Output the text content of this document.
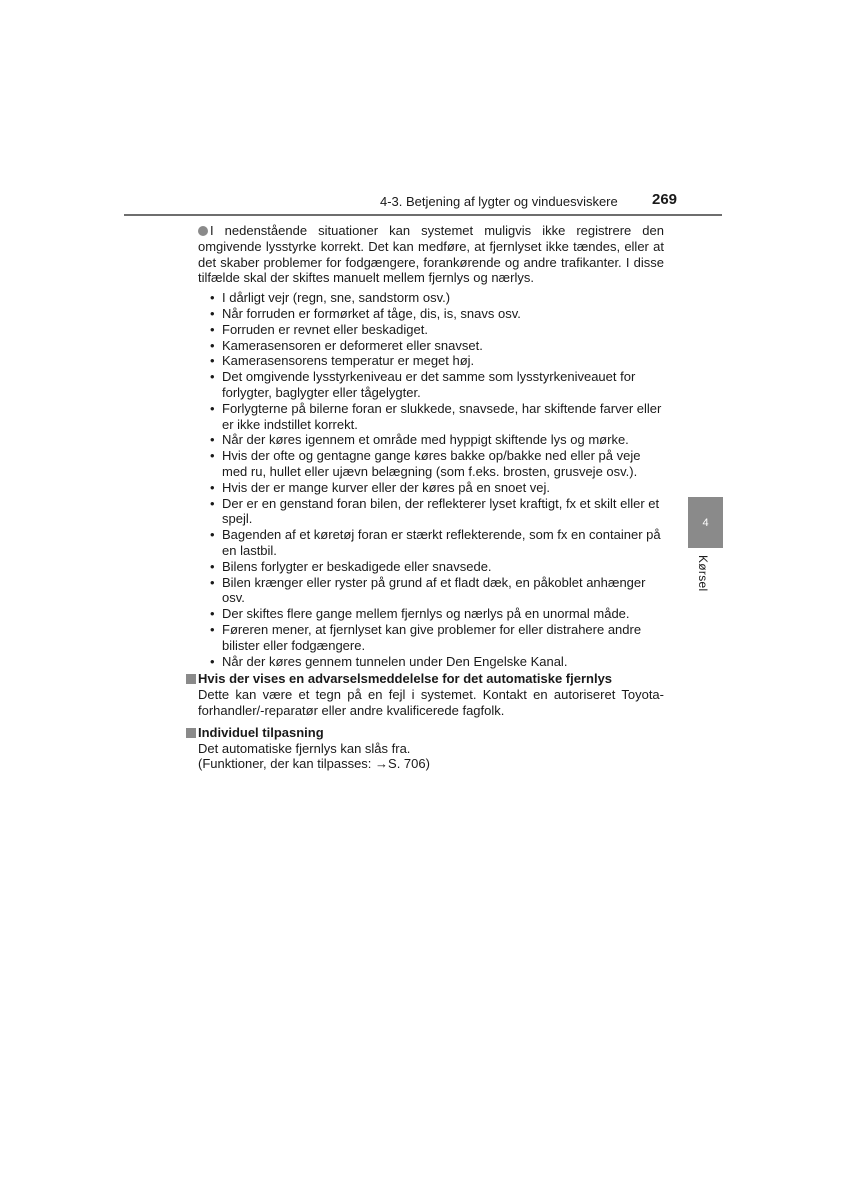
4-3. Betjening af lygter og vinduesviskere 269
4
Kørsel
I nedenstående situationer kan systemet muligvis ikke registrere den omgivende lysstyrke korrekt. Det kan medføre, at fjernlyset ikke tændes, eller at det skaber problemer for fodgængere, forankørende og andre trafikanter. I disse tilfælde skal der skiftes manuelt mellem fjernlys og nærlys.
• I dårligt vejr (regn, sne, sandstorm osv.)
• Når forruden er formørket af tåge, dis, is, snavs osv.
• Forruden er revnet eller beskadiget.
• Kamerasensoren er deformeret eller snavset.
• Kamerasensorens temperatur er meget høj.
• Det omgivende lysstyrkeniveau er det samme som lysstyrkeniveauet for forlygter, baglygter eller tågelygter.
• Forlygterne på bilerne foran er slukkede, snavsede, har skiftende farver eller er ikke indstillet korrekt.
• Når der køres igennem et område med hyppigt skiftende lys og mørke.
• Hvis der ofte og gentagne gange køres bakke op/bakke ned eller på veje med ru, hullet eller ujævn belægning (som f.eks. brosten, grusveje osv.).
• Hvis der er mange kurver eller der køres på en snoet vej.
• Der er en genstand foran bilen, der reflekterer lyset kraftigt, fx et skilt eller et spejl.
• Bagenden af et køretøj foran er stærkt reflekterende, som fx en container på en lastbil.
• Bilens forlygter er beskadigede eller snavsede.
• Bilen krænger eller ryster på grund af et fladt dæk, en påkoblet anhænger osv.
• Der skiftes flere gange mellem fjernlys og nærlys på en unormal måde.
• Føreren mener, at fjernlyset kan give problemer for eller distrahere andre bilister eller fodgængere.
• Når der køres gennem tunnelen under Den Engelske Kanal.
Hvis der vises en advarselsmeddelelse for det automatiske fjernlys
Dette kan være et tegn på en fejl i systemet. Kontakt en autoriseret Toyota-forhandler/-reparatør eller andre kvalificerede fagfolk.
Individuel tilpasning
Det automatiske fjernlys kan slås fra.
(Funktioner, der kan tilpasses: →S. 706)
